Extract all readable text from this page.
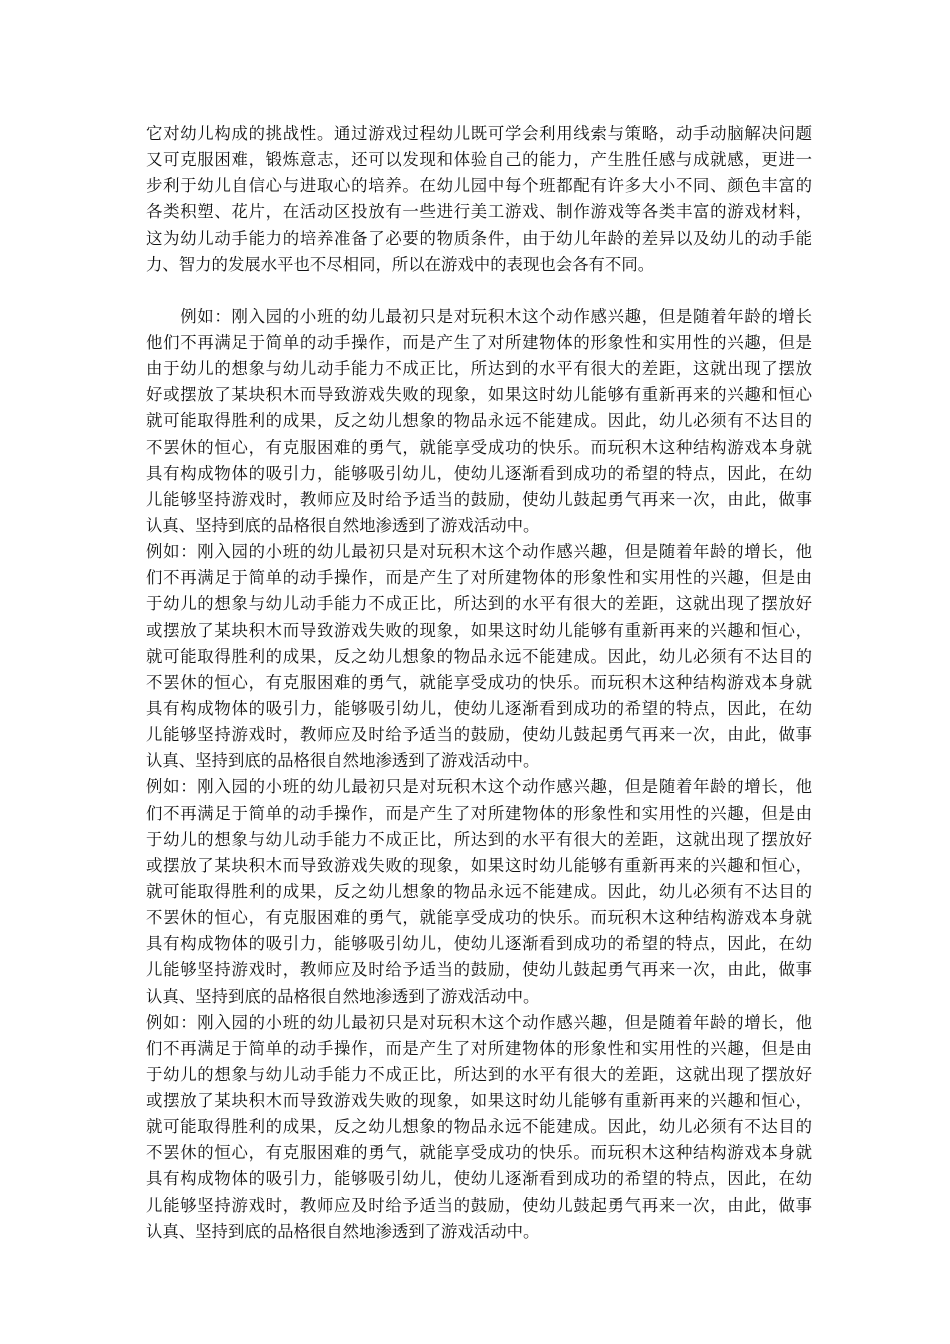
它对幼儿构成的挑战性。通过游戏过程幼儿既可学会利用线索与策略，动手动脑解决问题
又可克服困难，锻炼意志，还可以发现和体验自己的能力，产生胜任感与成就感，更进一
步利于幼儿自信心与进取心的培养。在幼儿园中每个班都配有许多大小不同、颜色丰富的
各类积塑、花片，在活动区投放有一些进行美工游戏、制作游戏等各类丰富的游戏材料，
这为幼儿动手能力的培养准备了必要的物质条件，由于幼儿年龄的差异以及幼儿的动手能
力、智力的发展水平也不尽相同，所以在游戏中的表现也会各有不同。
　　例如：刚入园的小班的幼儿最初只是对玩积木这个动作感兴趣，但是随着年龄的增长
他们不再满足于简单的动手操作，而是产生了对所建物体的形象性和实用性的兴趣，但是
由于幼儿的想象与幼儿动手能力不成正比，所达到的水平有很大的差距，这就出现了摆放
好或摆放了某块积木而导致游戏失败的现象，如果这时幼儿能够有重新再来的兴趣和恒心
就可能取得胜利的成果，反之幼儿想象的物品永远不能建成。因此，幼儿必须有不达目的
不罢休的恒心，有克服困难的勇气，就能享受成功的快乐。而玩积木这种结构游戏本身就
具有构成物体的吸引力，能够吸引幼儿，使幼儿逐渐看到成功的希望的特点，因此，在幼
儿能够坚持游戏时，教师应及时给予适当的鼓励，使幼儿鼓起勇气再来一次，由此，做事
认真、坚持到底的品格很自然地渗透到了游戏活动中。
例如：刚入园的小班的幼儿最初只是对玩积木这个动作感兴趣，但是随着年龄的增长，他
们不再满足于简单的动手操作，而是产生了对所建物体的形象性和实用性的兴趣，但是由
于幼儿的想象与幼儿动手能力不成正比，所达到的水平有很大的差距，这就出现了摆放好
或摆放了某块积木而导致游戏失败的现象，如果这时幼儿能够有重新再来的兴趣和恒心，
就可能取得胜利的成果，反之幼儿想象的物品永远不能建成。因此，幼儿必须有不达目的
不罢休的恒心，有克服困难的勇气，就能享受成功的快乐。而玩积木这种结构游戏本身就
具有构成物体的吸引力，能够吸引幼儿，使幼儿逐渐看到成功的希望的特点，因此，在幼
儿能够坚持游戏时，教师应及时给予适当的鼓励，使幼儿鼓起勇气再来一次，由此，做事
认真、坚持到底的品格很自然地渗透到了游戏活动中。
例如：刚入园的小班的幼儿最初只是对玩积木这个动作感兴趣，但是随着年龄的增长，他
们不再满足于简单的动手操作，而是产生了对所建物体的形象性和实用性的兴趣，但是由
于幼儿的想象与幼儿动手能力不成正比，所达到的水平有很大的差距，这就出现了摆放好
或摆放了某块积木而导致游戏失败的现象，如果这时幼儿能够有重新再来的兴趣和恒心，
就可能取得胜利的成果，反之幼儿想象的物品永远不能建成。因此，幼儿必须有不达目的
不罢休的恒心，有克服困难的勇气，就能享受成功的快乐。而玩积木这种结构游戏本身就
具有构成物体的吸引力，能够吸引幼儿，使幼儿逐渐看到成功的希望的特点，因此，在幼
儿能够坚持游戏时，教师应及时给予适当的鼓励，使幼儿鼓起勇气再来一次，由此，做事
认真、坚持到底的品格很自然地渗透到了游戏活动中。
例如：刚入园的小班的幼儿最初只是对玩积木这个动作感兴趣，但是随着年龄的增长，他
们不再满足于简单的动手操作，而是产生了对所建物体的形象性和实用性的兴趣，但是由
于幼儿的想象与幼儿动手能力不成正比，所达到的水平有很大的差距，这就出现了摆放好
或摆放了某块积木而导致游戏失败的现象，如果这时幼儿能够有重新再来的兴趣和恒心，
就可能取得胜利的成果，反之幼儿想象的物品永远不能建成。因此，幼儿必须有不达目的
不罢休的恒心，有克服困难的勇气，就能享受成功的快乐。而玩积木这种结构游戏本身就
具有构成物体的吸引力，能够吸引幼儿，使幼儿逐渐看到成功的希望的特点，因此，在幼
儿能够坚持游戏时，教师应及时给予适当的鼓励，使幼儿鼓起勇气再来一次，由此，做事
认真、坚持到底的品格很自然地渗透到了游戏活动中。
